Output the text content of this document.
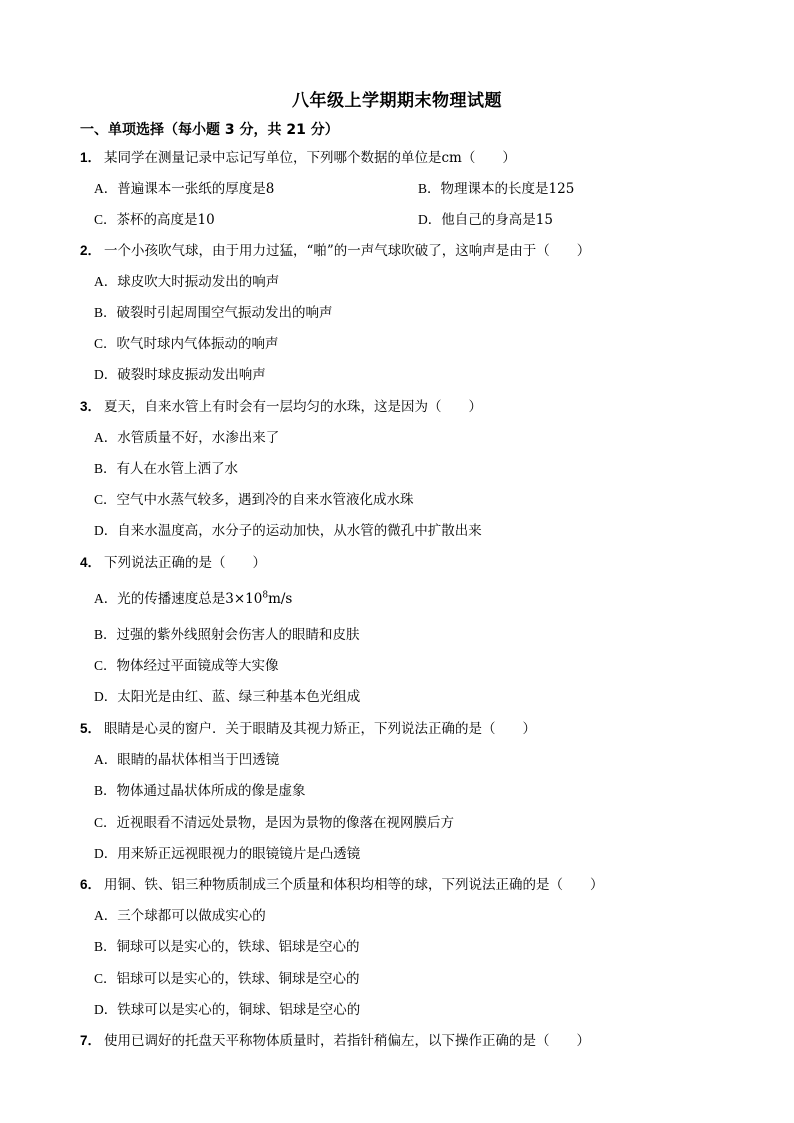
八年级上学期期末物理试题
一、单项选择（每小题 3 分，共 21 分）
1． 某同学在测量记录中忘记写单位，下列哪个数据的单位是cm（　　）
A．普遍课本一张纸的厚度是8	B．物理课本的长度是125
C．茶杯的高度是10	D．他自己的身高是15
2． 一个小孩吹气球，由于用力过猛，“啪”的一声气球吹破了，这响声是由于（　　）
A．球皮吹大时振动发出的响声
B．破裂时引起周围空气振动发出的响声
C．吹气时球内气体振动的响声
D．破裂时球皮振动发出响声
3． 夏天，自来水管上有时会有一层均匀的水珠，这是因为（　　）
A．水管质量不好，水渗出来了
B．有人在水管上洒了水
C．空气中水蒸气较多，遇到冷的自来水管液化成水珠
D．自来水温度高，水分子的运动加快，从水管的微孔中扩散出来
4． 下列说法正确的是（　　）
A．光的传播速度总是$3\times 10^8m/s$
B．过强的紫外线照射会伤害人的眼睛和皮肤
C．物体经过平面镜成等大实像
D．太阳光是由红、蓝、绿三种基本色光组成
5． 眼睛是心灵的窗户．关于眼睛及其视力矫正，下列说法正确的是（　　）
A．眼睛的晶状体相当于凹透镜
B．物体通过晶状体所成的像是虚象
C．近视眼看不清远处景物，是因为景物的像落在视网膜后方
D．用来矫正远视眼视力的眼镜镜片是凸透镜
6． 用铜、铁、铝三种物质制成三个质量和体积均相等的球，下列说法正确的是（　　）
A．三个球都可以做成实心的
B．铜球可以是实心的，铁球、铝球是空心的
C．铝球可以是实心的，铁球、铜球是空心的
D．铁球可以是实心的，铜球、铝球是空心的
7． 使用已调好的托盘天平称物体质量时，若指针稍偏左，以下操作正确的是（　　）
